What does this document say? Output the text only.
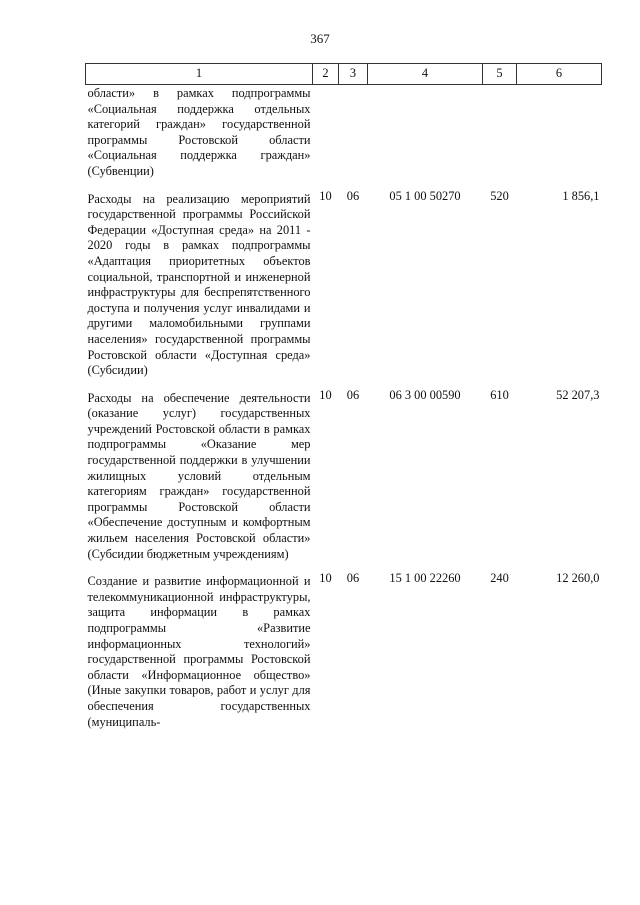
367
1	2	3	4	5	6
области» в рамках подпрограммы «Социальная поддержка отдельных категорий граждан» государственной программы Ростовской области «Социальная поддержка граждан» (Субвенции)					
Расходы на реализацию мероприятий государственной программы Российской Федерации «Доступная среда» на 2011 - 2020 годы в рамках подпрограммы «Адаптация приоритетных объектов социальной, транспортной и инженерной инфраструктуры для беспрепятственного доступа и получения услуг инвалидами и другими маломобильными группами населения» государственной программы Ростовской области «Доступная среда» (Субсидии)	10	06	05 1 00 50270	520	1 856,1
Расходы на обеспечение деятельности (оказание услуг) государственных учреждений Ростовской области в рамках подпрограммы «Оказание мер государственной поддержки в улучшении жилищных условий отдельным категориям граждан» государственной программы Ростовской области «Обеспечение доступным и комфортным жильем населения Ростовской области» (Субсидии бюджетным учреждениям)	10	06	06 3 00 00590	610	52 207,3
Создание и развитие информационной и телекоммуникационной инфраструктуры, защита информации в рамках подпрограммы «Развитие информационных технологий» государственной программы Ростовской области «Информационное общество» (Иные закупки товаров, работ и услуг для обеспечения государственных (муниципаль-	10	06	15 1 00 22260	240	12 260,0
